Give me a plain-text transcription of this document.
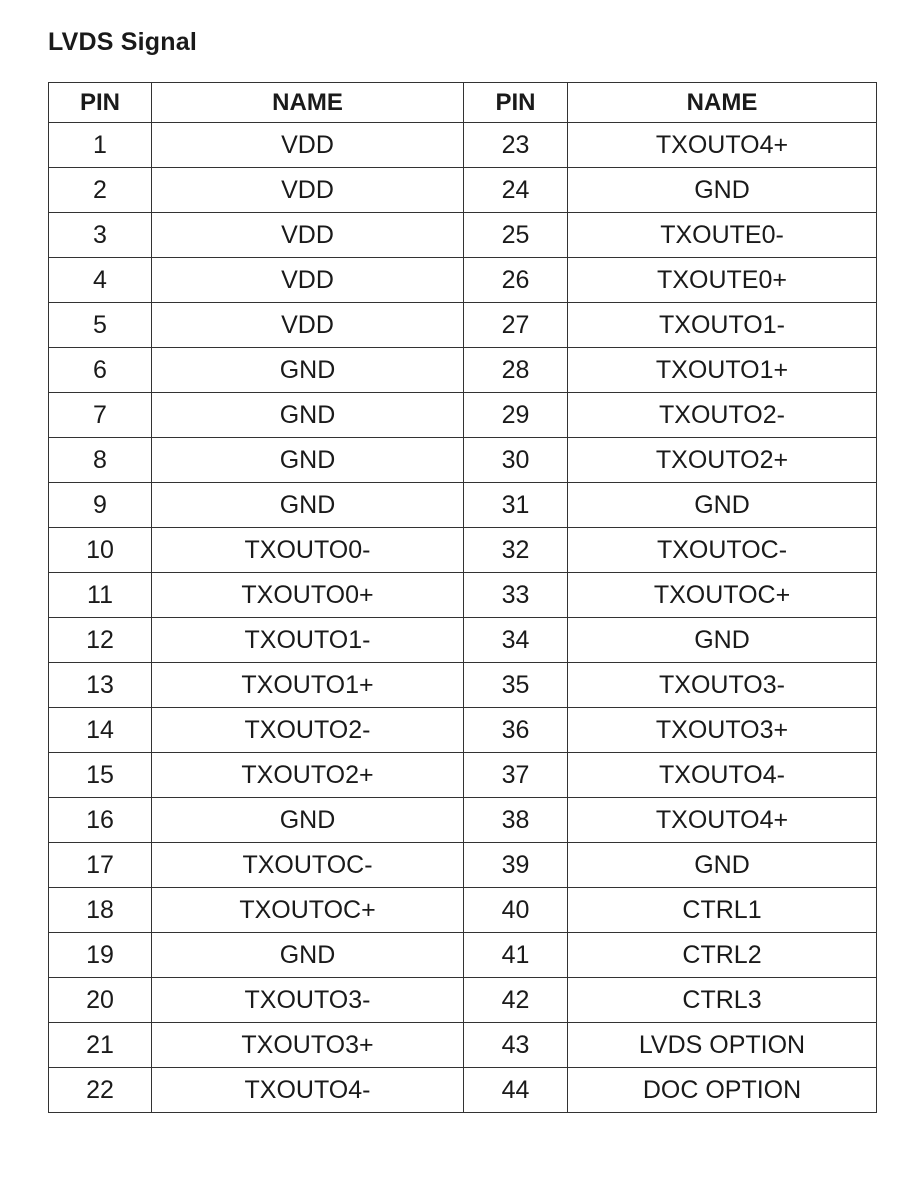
LVDS Signal
PIN	NAME	PIN	NAME
1	VDD	23	TXOUTO4+
2	VDD	24	GND
3	VDD	25	TXOUTE0-
4	VDD	26	TXOUTE0+
5	VDD	27	TXOUTO1-
6	GND	28	TXOUTO1+
7	GND	29	TXOUTO2-
8	GND	30	TXOUTO2+
9	GND	31	GND
10	TXOUTO0-	32	TXOUTOC-
11	TXOUTO0+	33	TXOUTOC+
12	TXOUTO1-	34	GND
13	TXOUTO1+	35	TXOUTO3-
14	TXOUTO2-	36	TXOUTO3+
15	TXOUTO2+	37	TXOUTO4-
16	GND	38	TXOUTO4+
17	TXOUTOC-	39	GND
18	TXOUTOC+	40	CTRL1
19	GND	41	CTRL2
20	TXOUTO3-	42	CTRL3
21	TXOUTO3+	43	LVDS OPTION
22	TXOUTO4-	44	DOC OPTION
